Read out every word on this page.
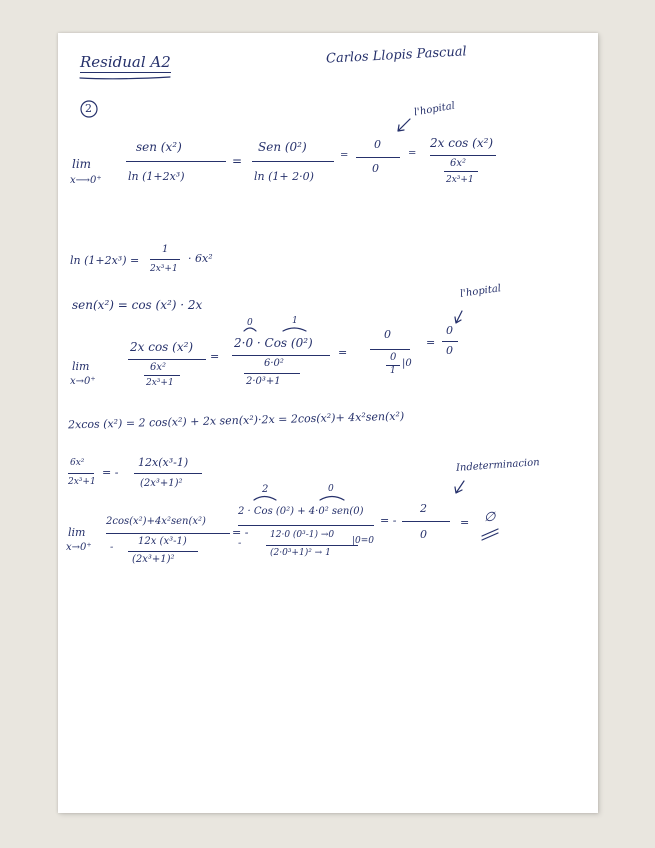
Residual A2	Carlos Llopis Pascual
2
lim
x⟶0⁺
sen (x²)
ln (1+2x³)
=
Sen (0²)
ln (1+ 2·0)
=
0
0
=
2x cos (x²)
6x²
2x³+1
l'hopital
ln (1+2x³) =
1
2x³+1
· 6x²
sen(x²) = cos (x²) · 2x
lim
x→0⁺
2x cos (x²)
6x²
2x³+1
=
0	1
2·0 · Cos (0²)
6·0²
2·0³+1
=
0
0
1
|0
=
0
0
l'hopital
2xcos (x²) = 2 cos(x²) + 2x sen(x²)·2x = 2cos(x²)+ 4x²sen(x²)
6x²
2x³+1
= -
12x(x³-1)
(2x³+1)²
lim
x→0⁺
2cos(x²)+4x²sen(x²)
-
12x (x³-1)
(2x³+1)²
= -
2	0
2 · Cos (0²) + 4·0² sen(0)
-
12·0 (0³-1) →0
(2·0³+1)² → 1
|0=0
= -
2
0
= ∅
Indeterminacion
